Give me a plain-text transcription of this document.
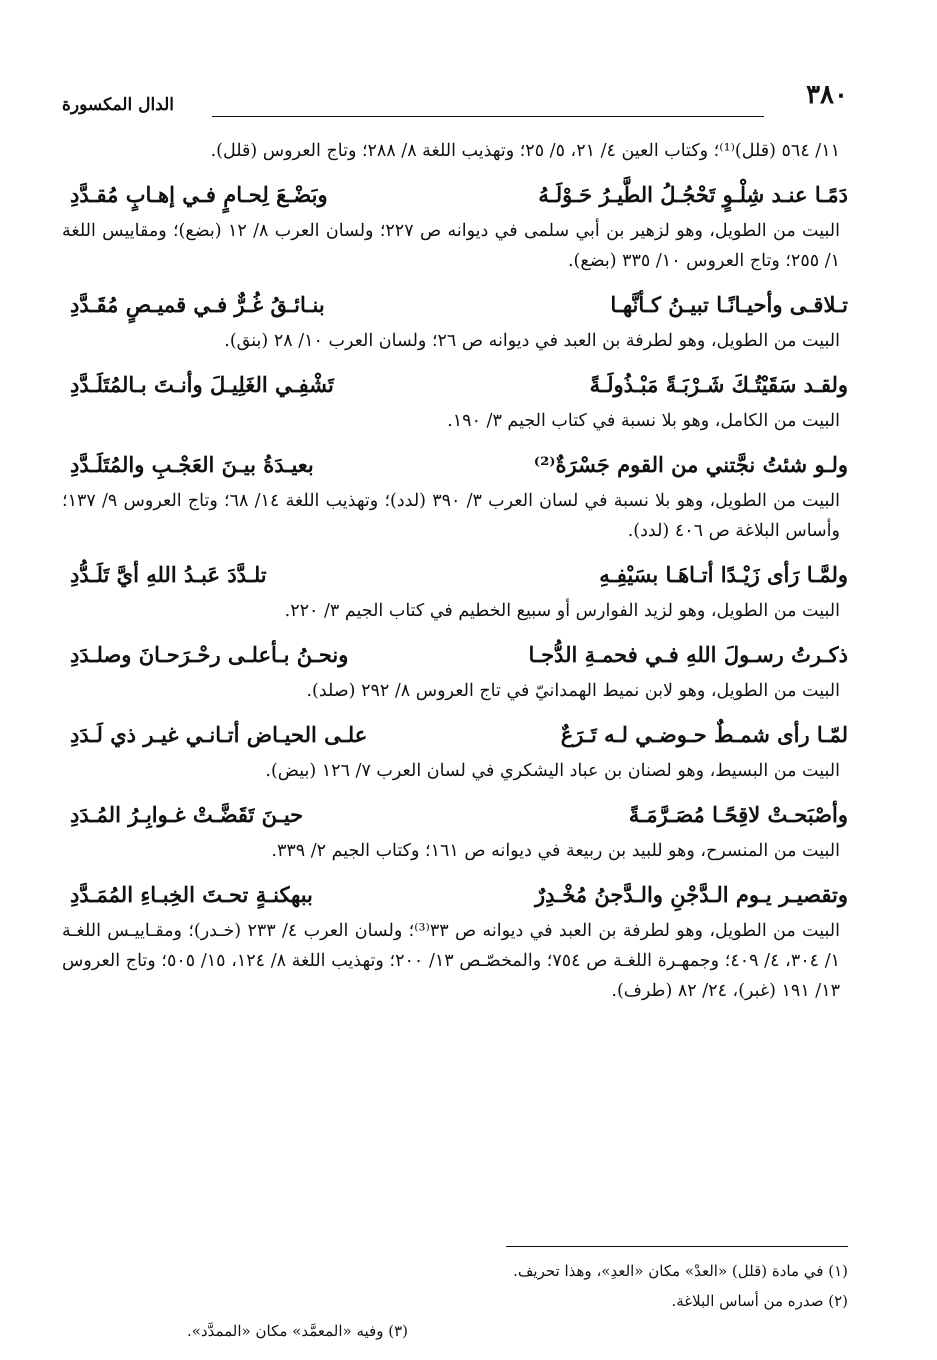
٣٨٠
الدال المكسورة

١١/ ٥٦٤ (قلل)⁽¹⁾؛ وكتاب العين ٤/ ٢١، ٥/ ٢٥؛ وتهذيب اللغة ٨/ ٢٨٨؛ وتاج العروس (قلل).

دَمًـا عنـد شِلْـوٍ تَحْجُـلُ الطَّيـرُ حَـوْلَـهُ
وبَضْـعَ لِحـامٍ فـي إهـابٍ مُقـدَّدِ

البيت من الطويل، وهو لزهير بن أبي سلمى في ديوانه ص ٢٢٧؛ ولسان العرب ٨/ ١٢ (بضع)؛ ومقاييس اللغة ١/ ٢٥٥؛ وتاج العروس ١٠/ ٣٣٥ (بضع).

تـلاقـى وأحيـانًـا تبيـنُ كـأنَّهـا
بنـائـقُ غُـرٌّ فـي قميـصٍ مُقَـدَّدِ

البيت من الطويل، وهو لطرفة بن العبد في ديوانه ص ٢٦؛ ولسان العرب ١٠/ ٢٨ (بنق).

ولقـد سَقَيْتُـكَ شَـرْبَـةً مَبْـذُولَـةً
تَشْفِـي الغَلِيـلَ وأنـتَ بـالمُتَلَـدَّدِ

البيت من الكامل، وهو بلا نسبة في كتاب الجيم ٣/ ١٩٠.

ولـو شئتُ نجَّتني من القوم جَسْرَةٌ⁽²⁾
بعيـدَةُ بيـنَ العَجْـبِ والمُتَلَـدَّدِ

البيت من الطويل، وهو بلا نسبة في لسان العرب ٣/ ٣٩٠ (لدد)؛ وتهذيب اللغة ١٤/ ٦٨؛ وتاج العروس ٩/ ١٣٧؛ وأساس البلاغة ص ٤٠٦ (لدد).

ولمَّـا رَأى زَيْـدًا أتـاهَـا بسَيْفِـهِ
تلـدَّدَ عَبـدُ اللهِ أيَّ تَلَـدُّدِ

البيت من الطويل، وهو لزيد الفوارس أو سبيع الخطيم في كتاب الجيم ٣/ ٢٢٠.

ذكـرتُ رسـولَ اللهِ فـي فحمـةِ الدُّجـا
ونحـنُ بـأعلـى رحْـرَحـانَ وصلـدَدِ

البيت من الطويل، وهو لابن نميط الهمدانيّ في تاج العروس ٨/ ٢٩٢ (صلد).

لمّـا رأى شمـطٌ حـوضـي لـه تَـرَعٌ
علـى الحيـاض أتـانـي غيـر ذي لَـدَدِ

البيت من البسيط، وهو لصنان بن عباد اليشكري في لسان العرب ٧/ ١٢٦ (بيض).

وأصْبَحـتْ لاقِحًـا مُصَـرَّمَـةً
حيـنَ تَقَضَّـتْ غـوابِـرُ المُـدَدِ

البيت من المنسرح، وهو للبيد بن ربيعة في ديوانه ص ١٦١؛ وكتاب الجيم ٢/ ٣٣٩.

وتقصيـر يـوم الـدَّجْنِ والـدَّجنُ مُخْـدِرٌ
ببهكنـةٍ تحـتَ الخِبـاءِ المُمَـدَّدِ

البيت من الطويل، وهو لطرفة بن العبد في ديوانه ص ٣٣⁽³⁾؛ ولسان العرب ٤/ ٢٣٣ (خـدر)؛ ومقـاييـس اللغـة ١/ ٣٠٤، ٤/ ٤٠٩؛ وجمهـرة اللغـة ص ٧٥٤؛ والمخصّـص ١٣/ ٢٠٠؛ وتهذيب اللغة ٨/ ١٢٤، ١٥/ ٥٠٥؛ وتاج العروس ١٣/ ١٩١ (غبر)، ٢٤/ ٨٢ (طرف).

(١) في مادة (قلل) «العدْ» مكان «العدِ»، وهذا تحريف.
(٢) صدره من أساس البلاغة.
(٣) وفيه «المعمَّد» مكان «الممدَّد».
